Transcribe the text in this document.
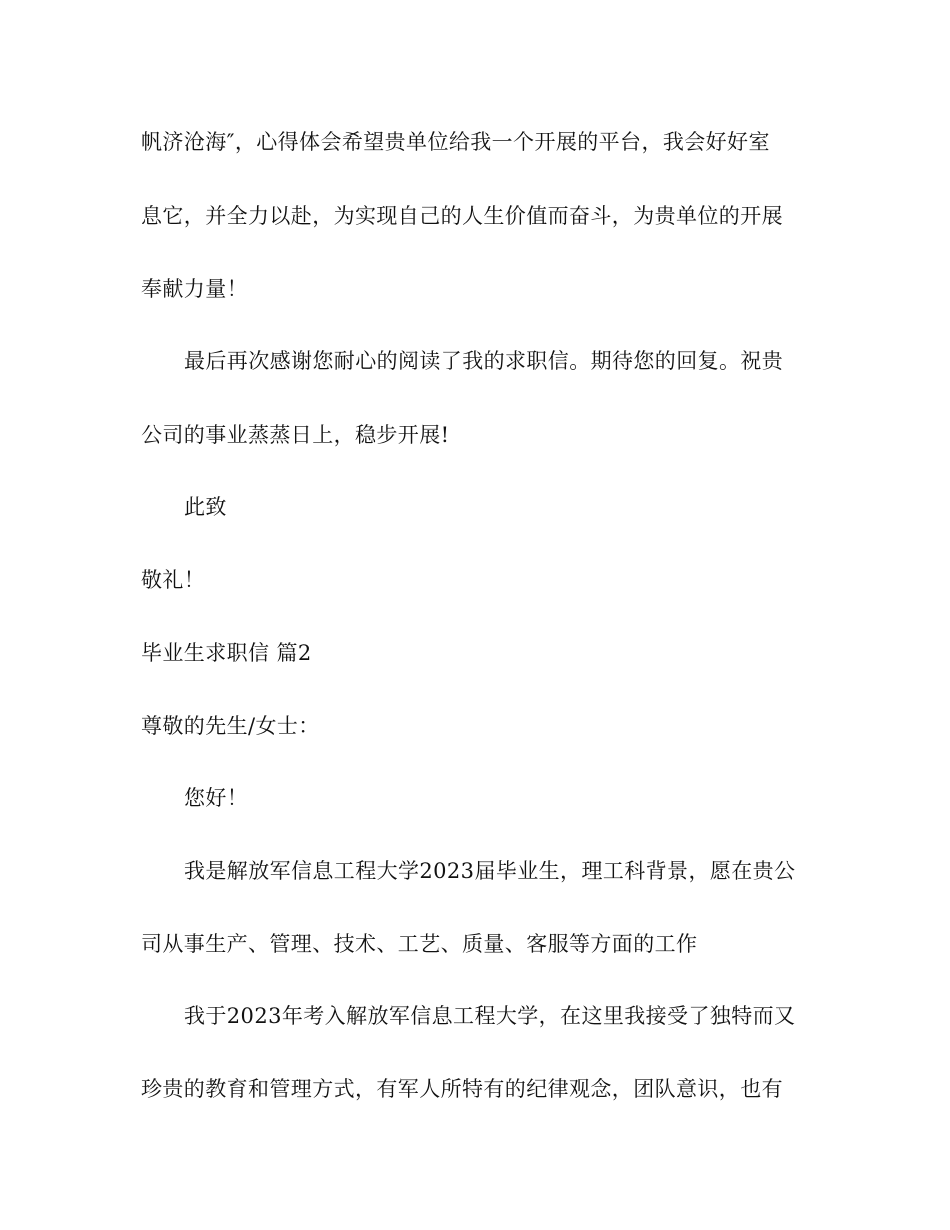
帆济沧海″，心得体会希望贵单位给我一个开展的平台，我会好好室
息它，并全力以赴，为实现自己的人生价值而奋斗，为贵单位的开展
奉献力量！
最后再次感谢您耐心的阅读了我的求职信。期待您的回复。祝贵
公司的事业蒸蒸日上，稳步开展!
此致
敬礼！
毕业生求职信 篇2
尊敬的先生/女士：
您好！
我是解放军信息工程大学2023届毕业生，理工科背景，愿在贵公
司从事生产、管理、技术、工艺、质量、客服等方面的工作
我于2023年考入解放军信息工程大学，在这里我接受了独特而又
珍贵的教育和管理方式，有军人所特有的纪律观念，团队意识，也有
